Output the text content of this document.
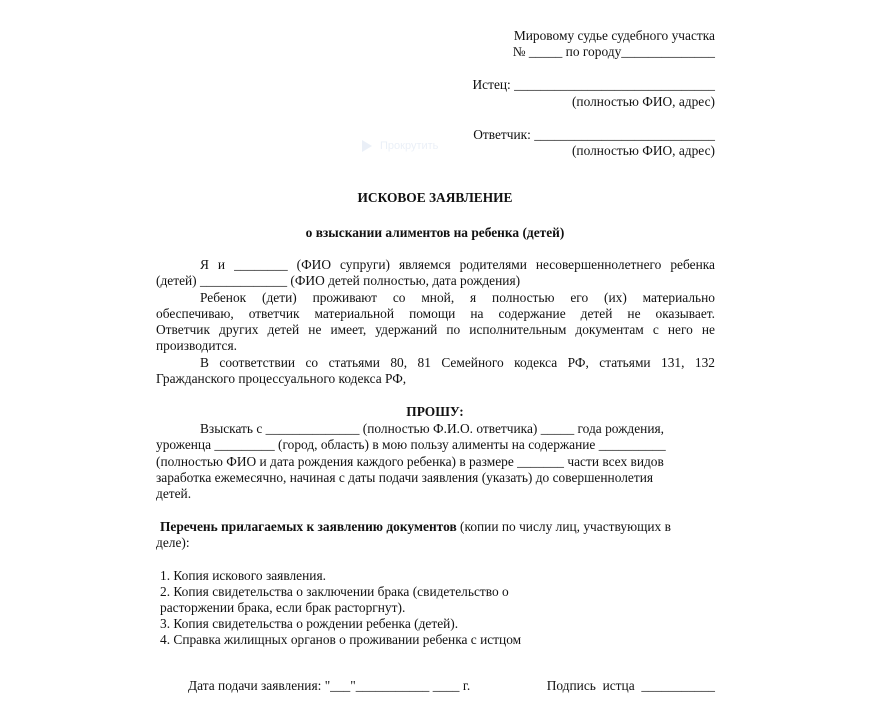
Мировому судье судебного участка
№ _____ по городу______________
Истец: ______________________________
(полностью ФИО, адрес)
Ответчик: ___________________________
(полностью ФИО, адрес)
Прокрутить
ИСКОВОЕ ЗАЯВЛЕНИЕ
о взыскании алиментов на ребенка (детей)
Я и ________ (ФИО супруги) являемся родителями несовершеннолетнего ребенка
(детей) _____________ (ФИО детей полностью, дата рождения)
Ребенок (дети) проживают со мной, я полностью его (их) материально
обеспечиваю, ответчик материальной помощи на содержание детей не оказывает.
Ответчик других детей не имеет, удержаний по исполнительным документам с него не
производится.
В соответствии со статьями 80, 81 Семейного кодекса РФ, статьями 131, 132
Гражданского процессуального кодекса РФ,
ПРОШУ:
Взыскать с ______________ (полностью Ф.И.О. ответчика) _____ года рождения,
уроженца _________ (город, область) в мою пользу алименты на содержание __________
(полностью ФИО и дата рождения каждого ребенка) в размере _______ части всех видов
заработка ежемесячно, начиная с даты подачи заявления (указать) до совершеннолетия
детей.
Перечень прилагаемых к заявлению документов (копии по числу лиц, участвующих в
деле):
1. Копия искового заявления.
2. Копия свидетельства о заключении брака (свидетельство о
расторжении брака, если брак расторгнут).
3. Копия свидетельства о рождении ребенка (детей).
4. Справка жилищных органов о проживании ребенка с истцом
Дата подачи заявления: "___"___________ ____ г.	Подпись  истца  ___________
